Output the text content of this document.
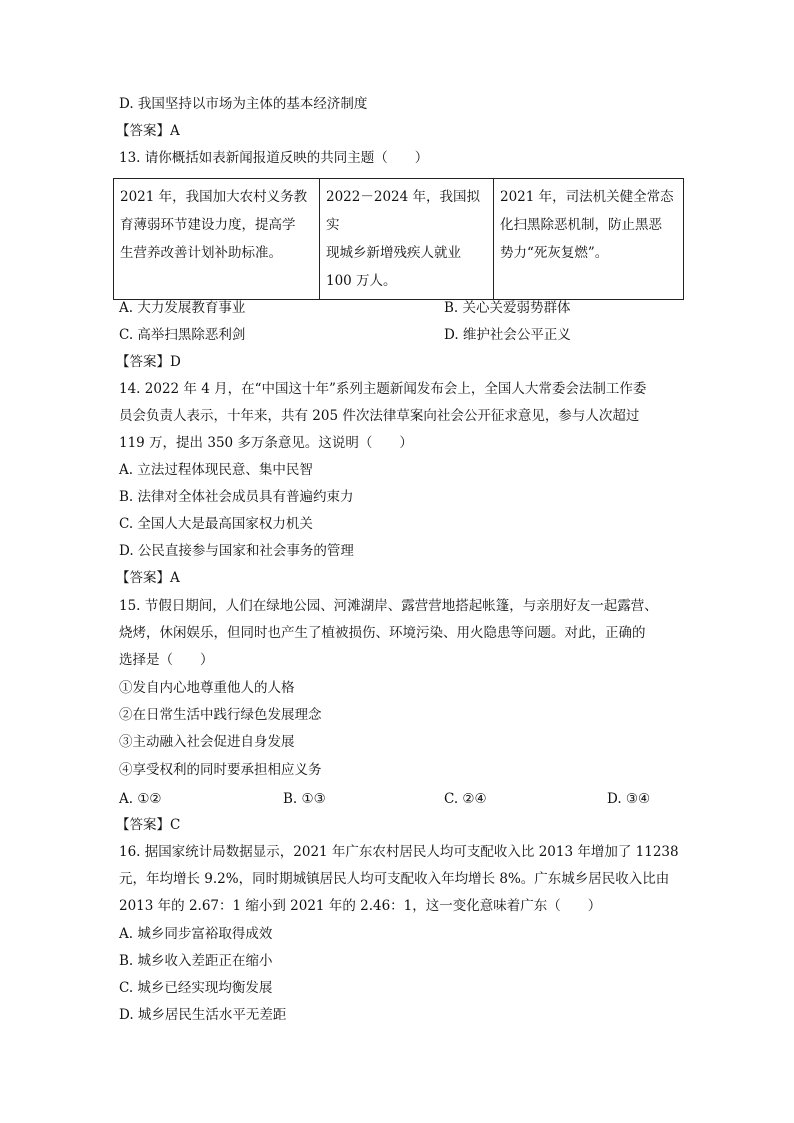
D. 我国坚持以市场为主体的基本经济制度
【答案】A
13. 请你概括如表新闻报道反映的共同主题（　　）
2021 年，我国加大农村义务教
育薄弱环节建设力度，提高学
生营养改善计划补助标准。

2022－2024 年，我国拟实
现城乡新增残疾人就业
100 万人。

2021 年，司法机关健全常态
化扫黑除恶机制，防止黑恶
势力“死灰复燃”。
A. 大力发展教育事业	B. 关心关爱弱势群体
C. 高举扫黑除恶利剑	D. 维护社会公平正义
【答案】D
14. 2022 年 4 月，在“中国这十年”系列主题新闻发布会上，全国人大常委会法制工作委
员会负责人表示，十年来，共有 205 件次法律草案向社会公开征求意见，参与人次超过
119 万，提出 350 多万条意见。这说明（　　）
A. 立法过程体现民意、集中民智
B. 法律对全体社会成员具有普遍约束力
C. 全国人大是最高国家权力机关
D. 公民直接参与国家和社会事务的管理
【答案】A
15. 节假日期间，人们在绿地公园、河滩湖岸、露营营地搭起帐篷，与亲朋好友一起露营、
烧烤，休闲娱乐，但同时也产生了植被损伤、环境污染、用火隐患等问题。对此，正确的
选择是（　　）
①发自内心地尊重他人的人格
②在日常生活中践行绿色发展理念
③主动融入社会促进自身发展
④享受权利的同时要承担相应义务
A. ①②	B. ①③	C. ②④	D. ③④
【答案】C
16. 据国家统计局数据显示，2021 年广东农村居民人均可支配收入比 2013 年增加了 11238
元，年均增长 9.2%，同时期城镇居民人均可支配收入年均增长 8%。广东城乡居民收入比由
2013 年的 2.67：1 缩小到 2021 年的 2.46：1，这一变化意味着广东（　　）
A. 城乡同步富裕取得成效
B. 城乡收入差距正在缩小
C. 城乡已经实现均衡发展
D. 城乡居民生活水平无差距
